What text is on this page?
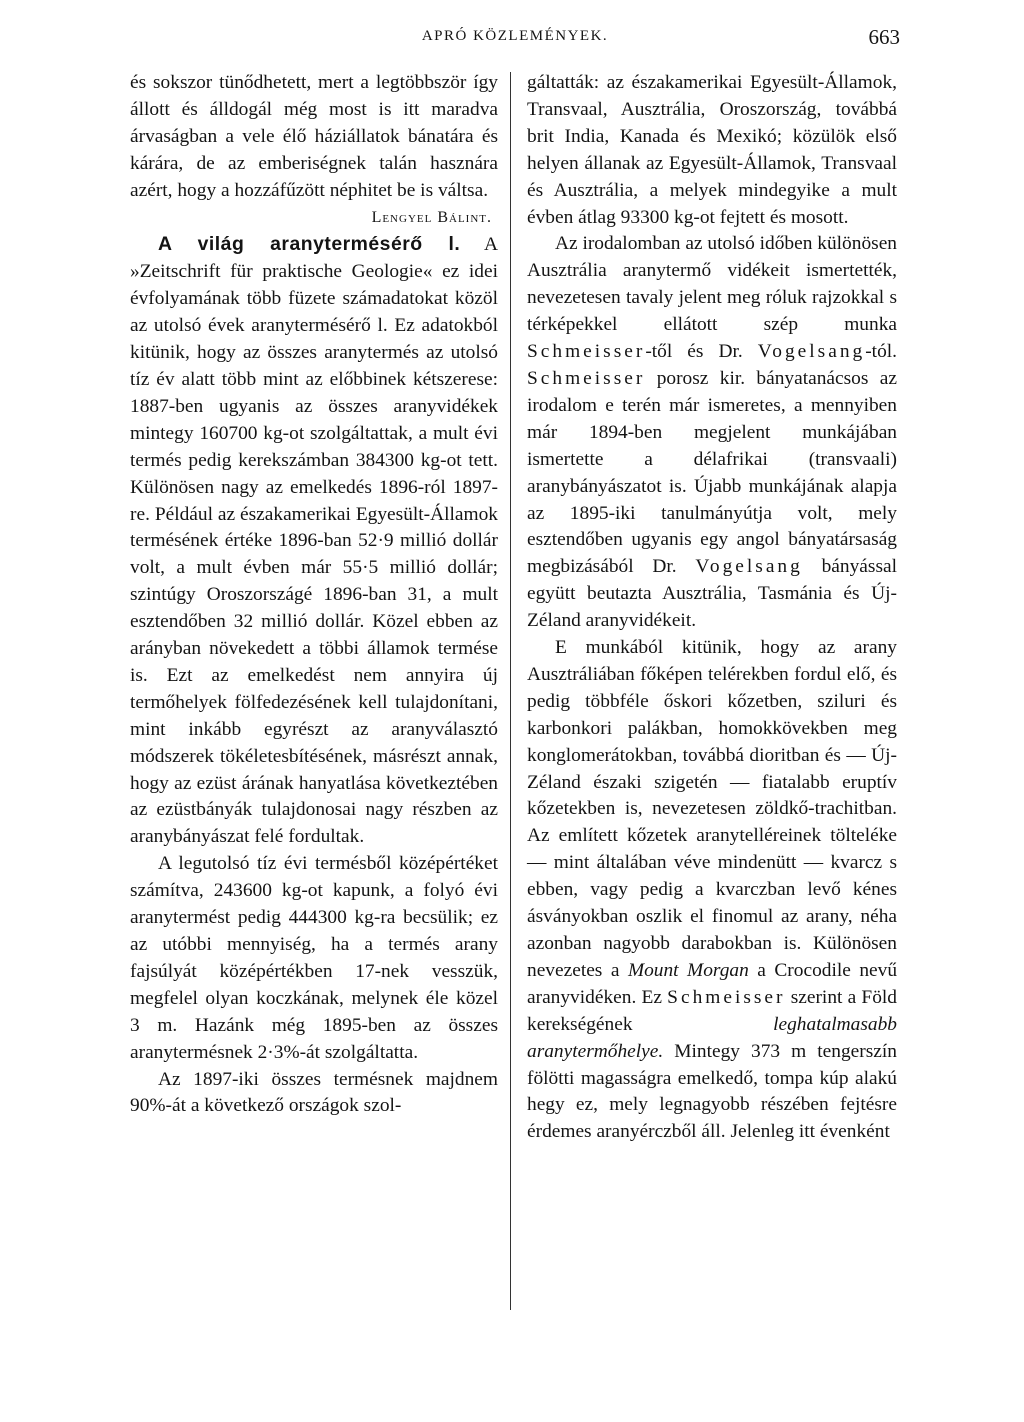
APRÓ KÖZLEMÉNYEK.	663

és sokszor tünődhetett, mert a legtöbbször így állott és álldogál még most is itt maradva árvaságban a vele élő háziállatok bánatára és kárára, de az emberiségnek talán hasznára azért, hogy a hozzáfűzött néphitet be is váltsa.

Lengyel Bálint.

A világ aranytermésérő l. A »Zeitschrift für praktische Geologie« ez idei évfolyamának több füzete számadatokat közöl az utolsó évek aranytermésérő l. Ez adatokból kitünik, hogy az összes aranytermés az utolsó tíz év alatt több mint az előbbinek kétszerese: 1887-ben ugyanis az összes aranyvidékek mintegy 160700 kg-ot szolgáltattak, a mult évi termés pedig kerekszámban 384300 kg-ot tett. Különösen nagy az emelkedés 1896-ról 1897-re. Például az északamerikai Egyesült-Államok termésének értéke 1896-ban 52·9 millió dollár volt, a mult évben már 55·5 millió dollár; szintúgy Oroszországé 1896-ban 31, a mult esztendőben 32 millió dollár. Közel ebben az arányban növekedett a többi államok termése is. Ezt az emelkedést nem annyira új termőhelyek fölfedezésének kell tulajdonítani, mint inkább egyrészt az aranyválasztó módszerek tökéletesbítésének, másrészt annak, hogy az ezüst árának hanyatlása következtében az ezüstbányák tulajdonosai nagy részben az aranybányászat felé fordultak.

A legutolsó tíz évi termésből középértéket számítva, 243600 kg-ot kapunk, a folyó évi aranytermést pedig 444300 kg-ra becsülik; ez az utóbbi mennyiség, ha a termés arany fajsúlyát középértékben 17-nek vesszük, megfelel olyan koczkának, melynek éle közel 3 m. Hazánk még 1895-ben az összes aranytermésnek 2·3%-át szolgáltatta.

Az 1897-iki összes termésnek majdnem 90%-át a következő országok szol-

gáltatták: az északamerikai Egyesült-Államok, Transvaal, Ausztrália, Oroszország, továbbá brit India, Kanada és Mexikó; közülök első helyen állanak az Egyesült-Államok, Transvaal és Ausztrália, a melyek mindegyike a mult évben átlag 93300 kg-ot fejtett és mosott.

Az irodalomban az utolsó időben különösen Ausztrália aranytermő vidékeit ismertették, nevezetesen tavaly jelent meg róluk rajzokkal s térképekkel ellátott szép munka Schmeisser-től és Dr. Vogelsang-tól. Schmeisser porosz kir. bányatanácsos az irodalom e terén már ismeretes, a mennyiben már 1894-ben megjelent munkájában ismertette a délafrikai (transvaali) aranybányászatot is. Újabb munkájának alapja az 1895-iki tanulmányútja volt, mely esztendőben ugyanis egy angol bányatársaság megbizásából Dr. Vogelsang bányással együtt beutazta Ausztrália, Tasmánia és Új-Zéland aranyvidékeit.

E munkából kitünik, hogy az arany Ausztráliában főképen telérekben fordul elő, és pedig többféle őskori kőzetben, sziluri és karbonkori palákban, homokkövekben meg konglomerátokban, továbbá dioritban és — Új-Zéland északi szigetén — fiatalabb eruptív kőzetekben is, nevezetesen zöldkő-trachitban. Az említett kőzetek aranytelléreinek tölteléke — mint általában véve mindenütt — kvarcz s ebben, vagy pedig a kvarczban levő kénes ásványokban oszlik el finomul az arany, néha azonban nagyobb darabokban is. Különösen nevezetes a Mount Morgan a Crocodile nevű aranyvidéken. Ez Schmeisser szerint a Föld kerekségének	leghatalmasabb aranytermőhelye. Mintegy 373 m tengerszín fölötti magasságra emelkedő, tompa kúp alakú hegy ez, mely legnagyobb részében fejtésre érdemes aranyérczből áll. Jelenleg itt évenként
